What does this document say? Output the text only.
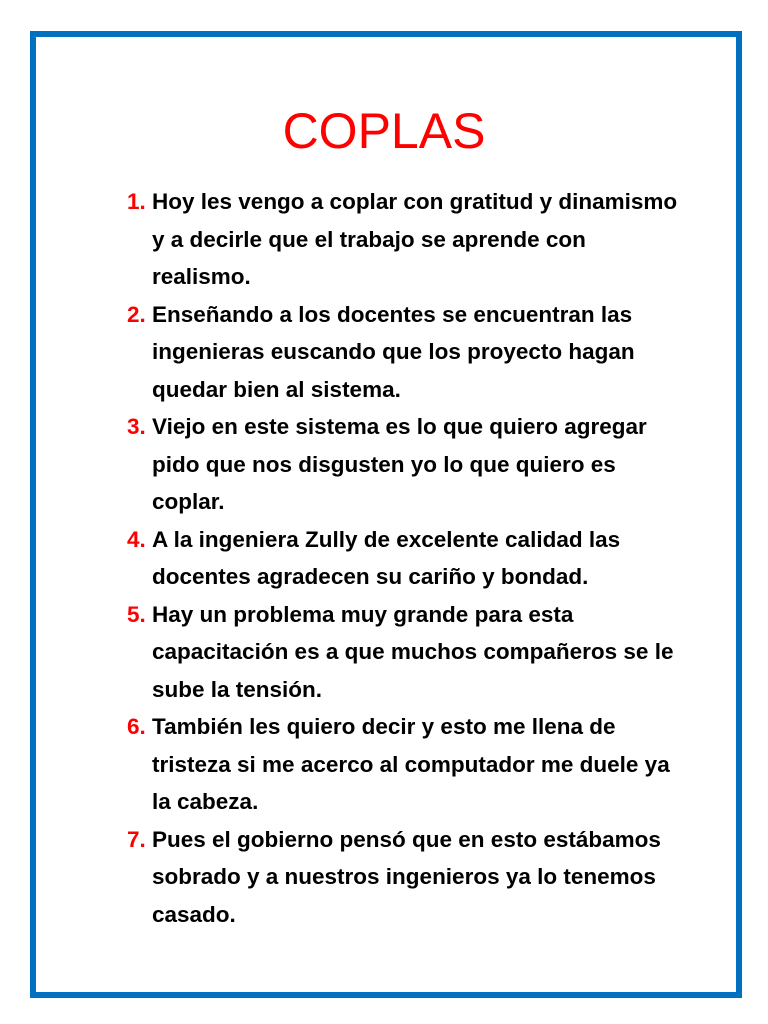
COPLAS
1. Hoy les vengo a coplar con gratitud y dinamismo y a decirle que el trabajo se aprende con realismo.
2. Enseñando a los docentes se encuentran las ingenieras euscando que los proyecto hagan quedar bien al sistema.
3. Viejo en este sistema es lo que quiero agregar pido que nos disgusten yo lo que quiero es coplar.
4. A la ingeniera Zully de excelente calidad las docentes agradecen su cariño y bondad.
5. Hay un problema muy grande para esta capacitación es a que muchos compañeros se le sube la tensión.
6. También les quiero decir y esto me llena de tristeza si me acerco al computador me duele ya la cabeza.
7. Pues el gobierno pensó que en esto estábamos sobrado y a nuestros ingenieros ya lo tenemos casado.
